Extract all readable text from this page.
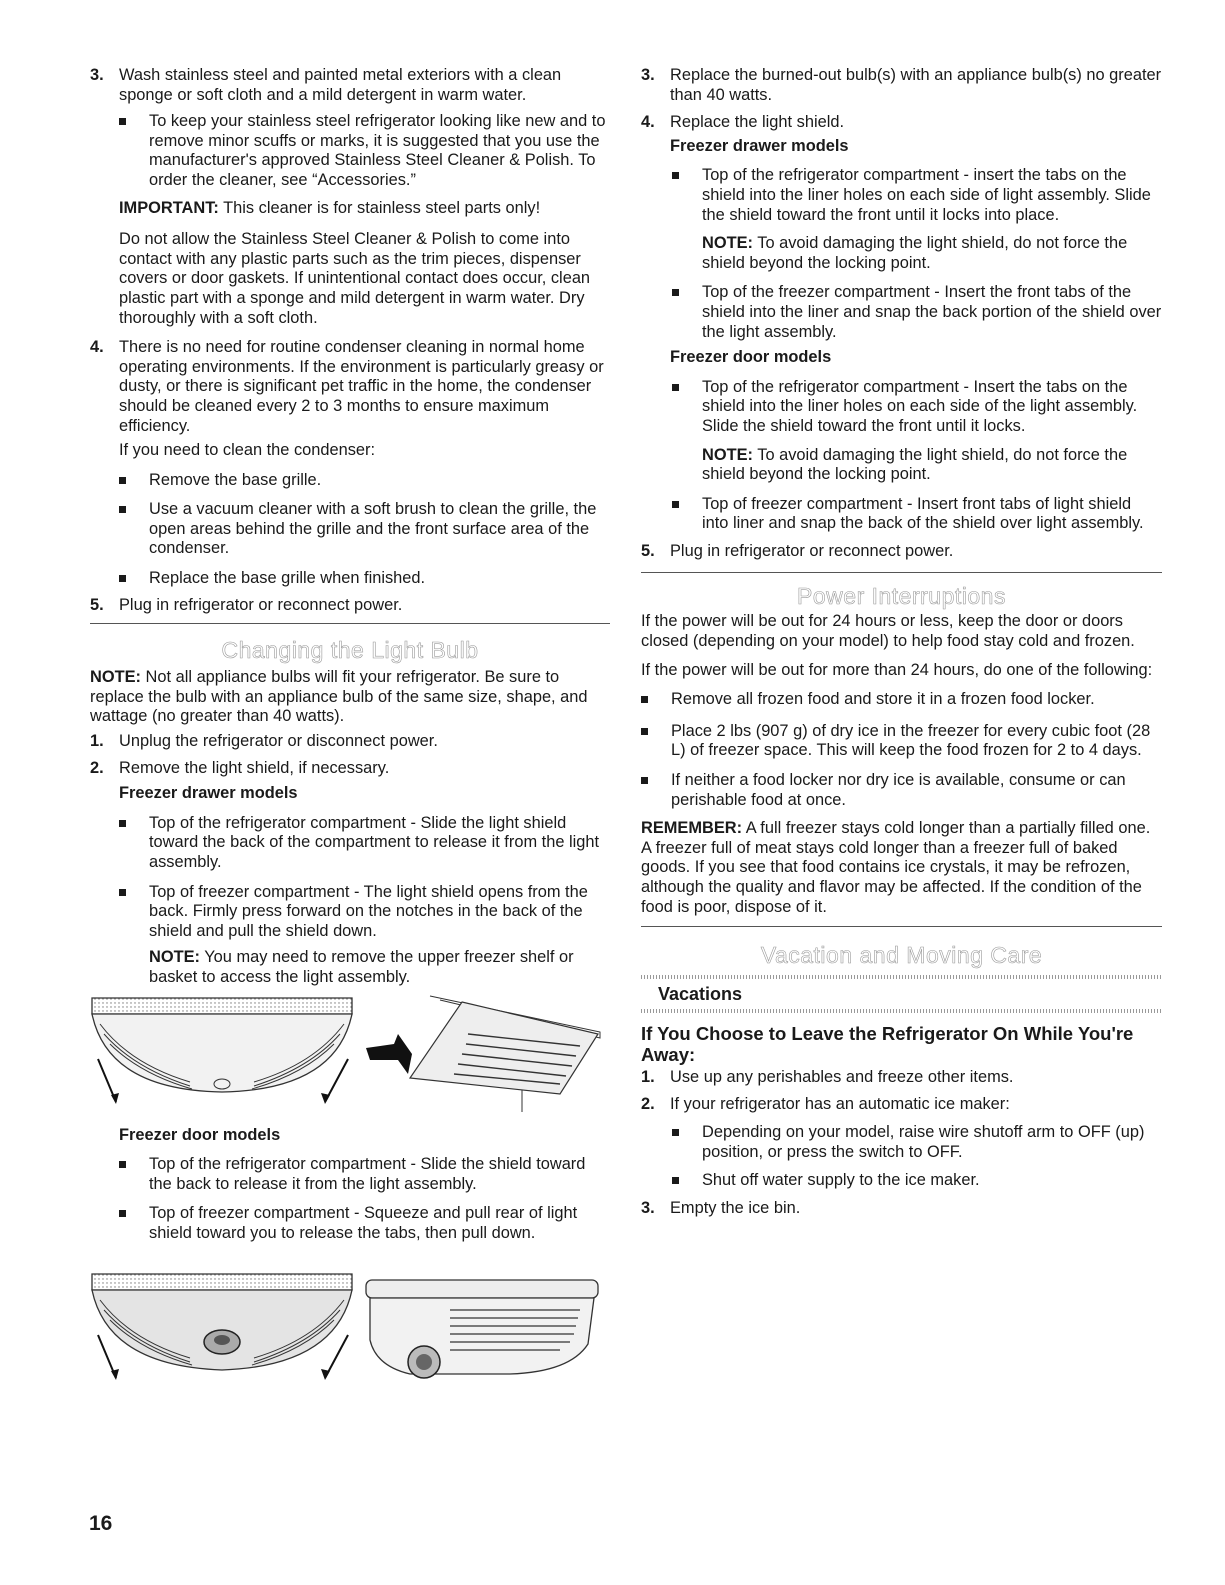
3. Wash stainless steel and painted metal exteriors with a clean sponge or soft cloth and a mild detergent in warm water.

To keep your stainless steel refrigerator looking like new and to remove minor scuffs or marks, it is suggested that you use the manufacturer's approved Stainless Steel Cleaner & Polish. To order the cleaner, see “Accessories.”

IMPORTANT: This cleaner is for stainless steel parts only!

Do not allow the Stainless Steel Cleaner & Polish to come into contact with any plastic parts such as the trim pieces, dispenser covers or door gaskets. If unintentional contact does occur, clean plastic part with a sponge and mild detergent in warm water. Dry thoroughly with a soft cloth.

4. There is no need for routine condenser cleaning in normal home operating environments. If the environment is particularly greasy or dusty, or there is significant pet traffic in the home, the condenser should be cleaned every 2 to 3 months to ensure maximum efficiency.

If you need to clean the condenser:

Remove the base grille.

Use a vacuum cleaner with a soft brush to clean the grille, the open areas behind the grille and the front surface area of the condenser.

Replace the base grille when finished.

5. Plug in refrigerator or reconnect power.

Changing the Light Bulb

NOTE: Not all appliance bulbs will fit your refrigerator. Be sure to replace the bulb with an appliance bulb of the same size, shape, and wattage (no greater than 40 watts).

1. Unplug the refrigerator or disconnect power.

2. Remove the light shield, if necessary.

Freezer drawer models

Top of the refrigerator compartment - Slide the light shield toward the back of the compartment to release it from the light assembly.

Top of freezer compartment - The light shield opens from the back. Firmly press forward on the notches in the back of the shield and pull the shield down.

NOTE: You may need to remove the upper freezer shelf or basket to access the light assembly.

Freezer door models

Top of the refrigerator compartment - Slide the shield toward the back to release it from the light assembly.

Top of freezer compartment - Squeeze and pull rear of light shield toward you to release the tabs, then pull down.

3. Replace the burned-out bulb(s) with an appliance bulb(s) no greater than 40 watts.

4. Replace the light shield.

Freezer drawer models

Top of the refrigerator compartment - insert the tabs on the shield into the liner holes on each side of light assembly. Slide the shield toward the front until it locks into place.

NOTE: To avoid damaging the light shield, do not force the shield beyond the locking point.

Top of the freezer compartment - Insert the front tabs of the shield into the liner and snap the back portion of the shield over the light assembly.

Freezer door models

Top of the refrigerator compartment - Insert the tabs on the shield into the liner holes on each side of the light assembly. Slide the shield toward the front until it locks.

NOTE: To avoid damaging the light shield, do not force the shield beyond the locking point.

Top of freezer compartment - Insert front tabs of light shield into liner and snap the back of the shield over light assembly.

5. Plug in refrigerator or reconnect power.

Power Interruptions

If the power will be out for 24 hours or less, keep the door or doors closed (depending on your model) to help food stay cold and frozen.

If the power will be out for more than 24 hours, do one of the following:

Remove all frozen food and store it in a frozen food locker.

Place 2 lbs (907 g) of dry ice in the freezer for every cubic foot (28 L) of freezer space. This will keep the food frozen for 2 to 4 days.

If neither a food locker nor dry ice is available, consume or can perishable food at once.

REMEMBER: A full freezer stays cold longer than a partially filled one. A freezer full of meat stays cold longer than a freezer full of baked goods. If you see that food contains ice crystals, it may be refrozen, although the quality and flavor may be affected. If the condition of the food is poor, dispose of it.

Vacation and Moving Care

Vacations

If You Choose to Leave the Refrigerator On While You're Away:

1. Use up any perishables and freeze other items.

2. If your refrigerator has an automatic ice maker:

Depending on your model, raise wire shutoff arm to OFF (up) position, or press the switch to OFF.

Shut off water supply to the ice maker.

3. Empty the ice bin.

16
